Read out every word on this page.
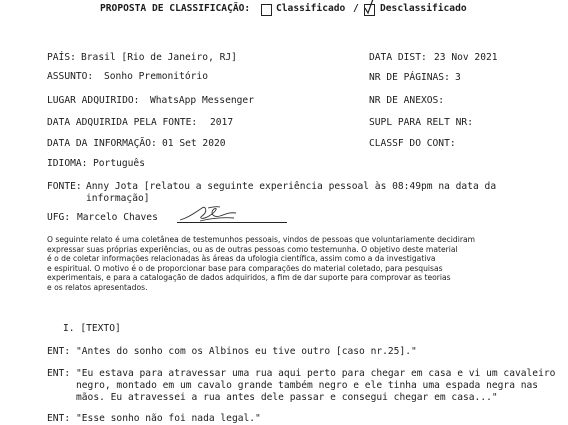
PROPOSTA DE CLASSIFICAÇÃO:	Classificado / Desclassificado
PAÍS: Brasil [Rio de Janeiro, RJ]
ASSUNTO: Sonho Premonitório
LUGAR ADQUIRIDO: WhatsApp Messenger
DATA ADQUIRIDA PELA FONTE: 2017
DATA DA INFORMAÇÃO: 01 Set 2020
IDIOMA: Português
DATA DIST: 23 Nov 2021
NR DE PÁGINAS: 3
NR DE ANEXOS:
SUPL PARA RELT NR:
CLASSF DO CONT:
FONTE: Anny Jota [relatou a seguinte experiência pessoal às 08:49pm na data da
informação]
UFG: Marcelo Chaves
O seguinte relato é uma coletânea de testemunhos pessoais, vindos de pessoas que voluntariamente decidiram
expressar suas próprias experiências, ou as de outras pessoas como testemunha. O objetivo deste material
é o de coletar informações relacionadas às áreas da ufologia científica, assim como a da investigativa
e espiritual. O motivo é o de proporcionar base para comparações do material coletado, para pesquisas
experimentais, e para a catalogação de dados adquiridos, a fim de dar suporte para comprovar as teorias
e os relatos apresentados.
I. [TEXTO]
ENT: "Antes do sonho com os Albinos eu tive outro [caso nr.25]."
ENT: "Eu estava para atravessar uma rua aqui perto para chegar em casa e vi um cavaleiro
negro, montado em um cavalo grande também negro e ele tinha uma espada negra nas
mãos. Eu atravessei a rua antes dele passar e consegui chegar em casa..."
ENT: "Esse sonho não foi nada legal."
